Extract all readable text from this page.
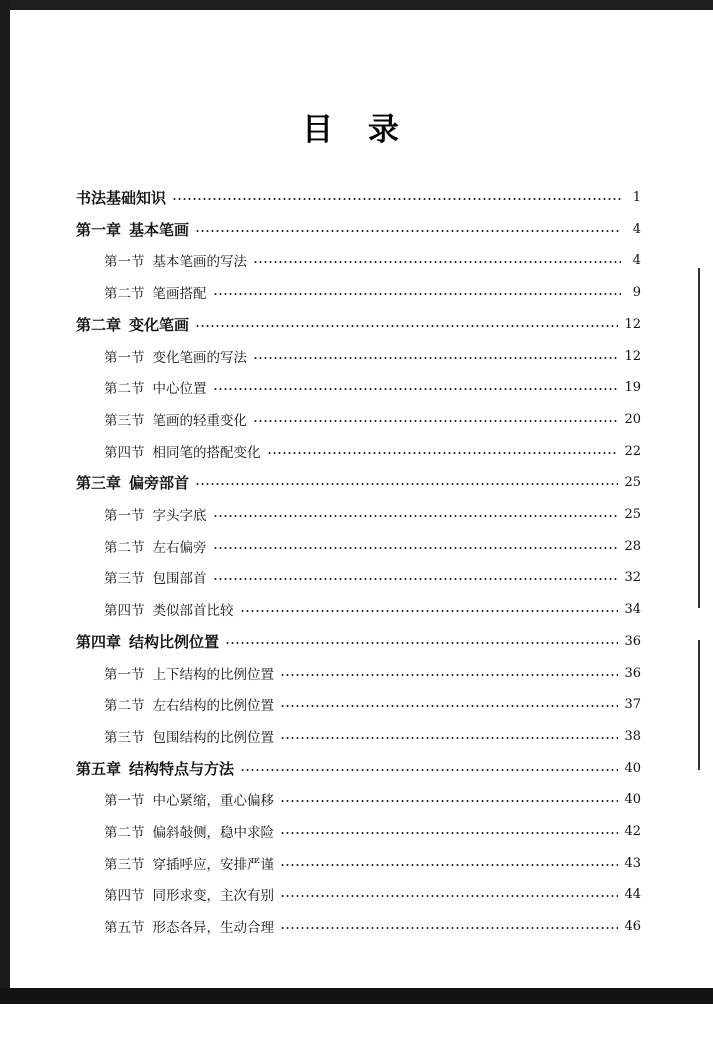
目 录
书法基础知识	1
第一章 基本笔画	4
第一节 基本笔画的写法	4
第二节 笔画搭配	9
第二章 变化笔画	12
第一节 变化笔画的写法	12
第二节 中心位置	19
第三节 笔画的轻重变化	20
第四节 相同笔的搭配变化	22
第三章 偏旁部首	25
第一节 字头字底	25
第二节 左右偏旁	28
第三节 包围部首	32
第四节 类似部首比较	34
第四章 结构比例位置	36
第一节 上下结构的比例位置	36
第二节 左右结构的比例位置	37
第三节 包围结构的比例位置	38
第五章 结构特点与方法	40
第一节 中心紧缩，重心偏移	40
第二节 偏斜敧侧，稳中求险	42
第三节 穿插呼应，安排严谨	43
第四节 同形求变，主次有别	44
第五节 形态各异，生动合理	46
